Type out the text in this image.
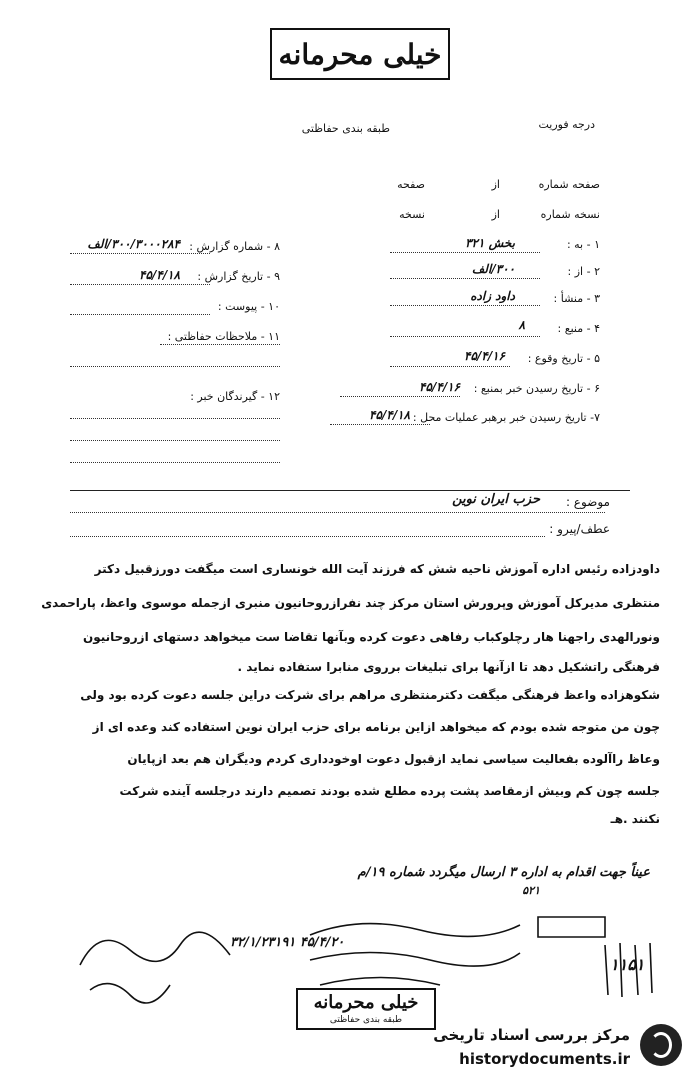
خیلی محرمانه
درجه فوریت
طبقه بندی حفاظتی
صفحه شماره
از
صفحه
نسخه شماره
از
نسخه
۱ - به :
بخش ۳۲۱
۲ - از :
۳۰۰/الف
۳ - منشأ :
داود زاده
۴ - منبع :
۸
۵ - تاریخ وقوع :
۴۵/۴/۱۶
۶ - تاریخ رسیدن خبر بمنبع :
۴۵/۴/۱۶
۷- تاریخ رسیدن خبر برهبر عملیات محل :
۴۵/۴/۱۸
۸ - شماره گزارش :
۳۰۰/۳۰۰۰۲۸۴/الف
۹ - تاریخ گزارش :
۴۵/۴/۱۸
۱۰ - پیوست :
۱۱ - ملاحظات حفاظتی :
۱۲ - گیرندگان خبر :
موضوع :
حزب ایران نوین
عطف/پیرو :
داودزاده رئیس اداره آموزش ناحیه شش که فرزند آیت الله خونساری است میگفت دورزقبیل دکتر
منتظری مدیرکل آموزش وپرورش استان مرکز چند نفرازروحانیون منبری ازجمله موسوی واعظ، پاراحمدی
ونورالهدی راجهنا هار رچلوکباب رفاهی دعوت کرده وبآنها تقاضا ست میخواهد دستهای ازروحانیون
فرهنگی راتشکیل دهد تا ازآنها برای تبلیغات برروی منابرا ستفاده نماید .
شکوهزاده واعظ فرهنگی میگفت دکترمنتظری مراهم برای شرکت دراین جلسه دعوت کرده بود ولی
چون من متوجه شده بودم که میخواهد ازاین برنامه برای حزب ایران نوین استفاده کند وعده ای از
وعاظ راآلوده بفعالیت سیاسی نماید ازقبول دعوت اوخودداری کردم ودیگران هم بعد ازپایان
جلسه چون کم وبیش ازمقاصد پشت پرده مطلع شده بودند تصمیم دارند درجلسه آینده شرکت
نکنند .هـ
عیناً جهت اقدام به اداره ۳ ارسال میگردد شماره ۱۹/م
۵۲۱
۳۲/۱/۲۳۱۹۱ ۴۵/۴/۲۰
۱۱۵۱
خیلی محرمانه
طبقه بندی حفاظتی
مرکز بررسی اسناد تاریخی
historydocuments.ir
